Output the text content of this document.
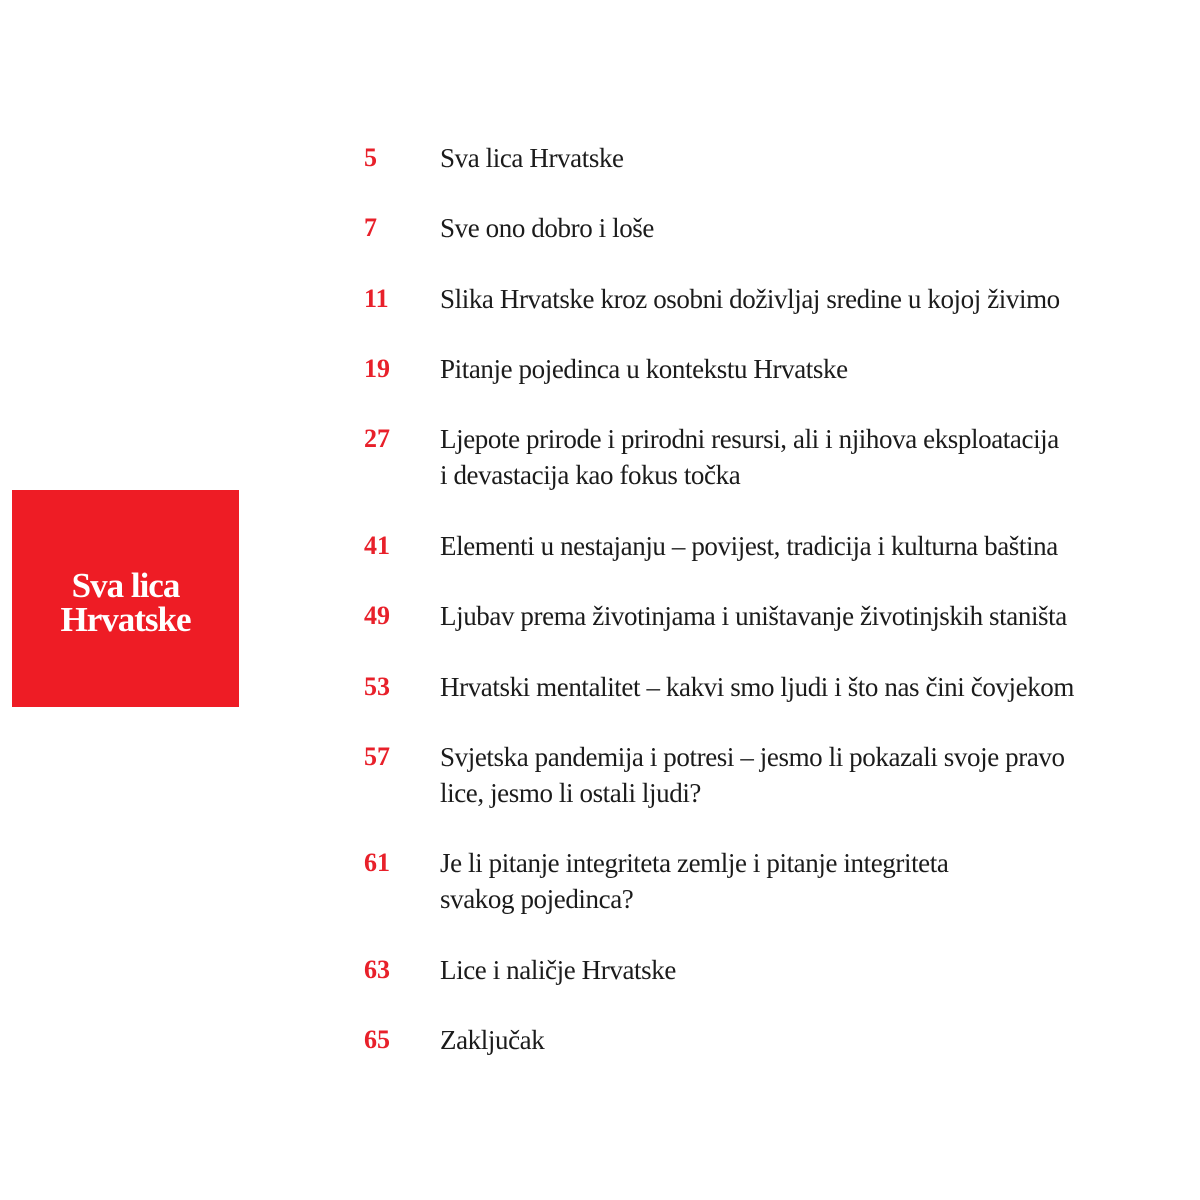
Sva lica
Hrvatske
5 Sva lica Hrvatske
7 Sve ono dobro i loše
11 Slika Hrvatske kroz osobni doživljaj sredine u kojoj živimo
19 Pitanje pojedinca u kontekstu Hrvatske
27 Ljepote prirode i prirodni resursi, ali i njihova eksploatacija
i devastacija kao fokus točka
41 Elementi u nestajanju – povijest, tradicija i kulturna baština
49 Ljubav prema životinjama i uništavanje životinjskih staništa
53 Hrvatski mentalitet – kakvi smo ljudi i što nas čini čovjekom
57 Svjetska pandemija i potresi – jesmo li pokazali svoje pravo
lice, jesmo li ostali ljudi?
61 Je li pitanje integriteta zemlje i pitanje integriteta
svakog pojedinca?
63 Lice i naličje Hrvatske
65 Zaključak
